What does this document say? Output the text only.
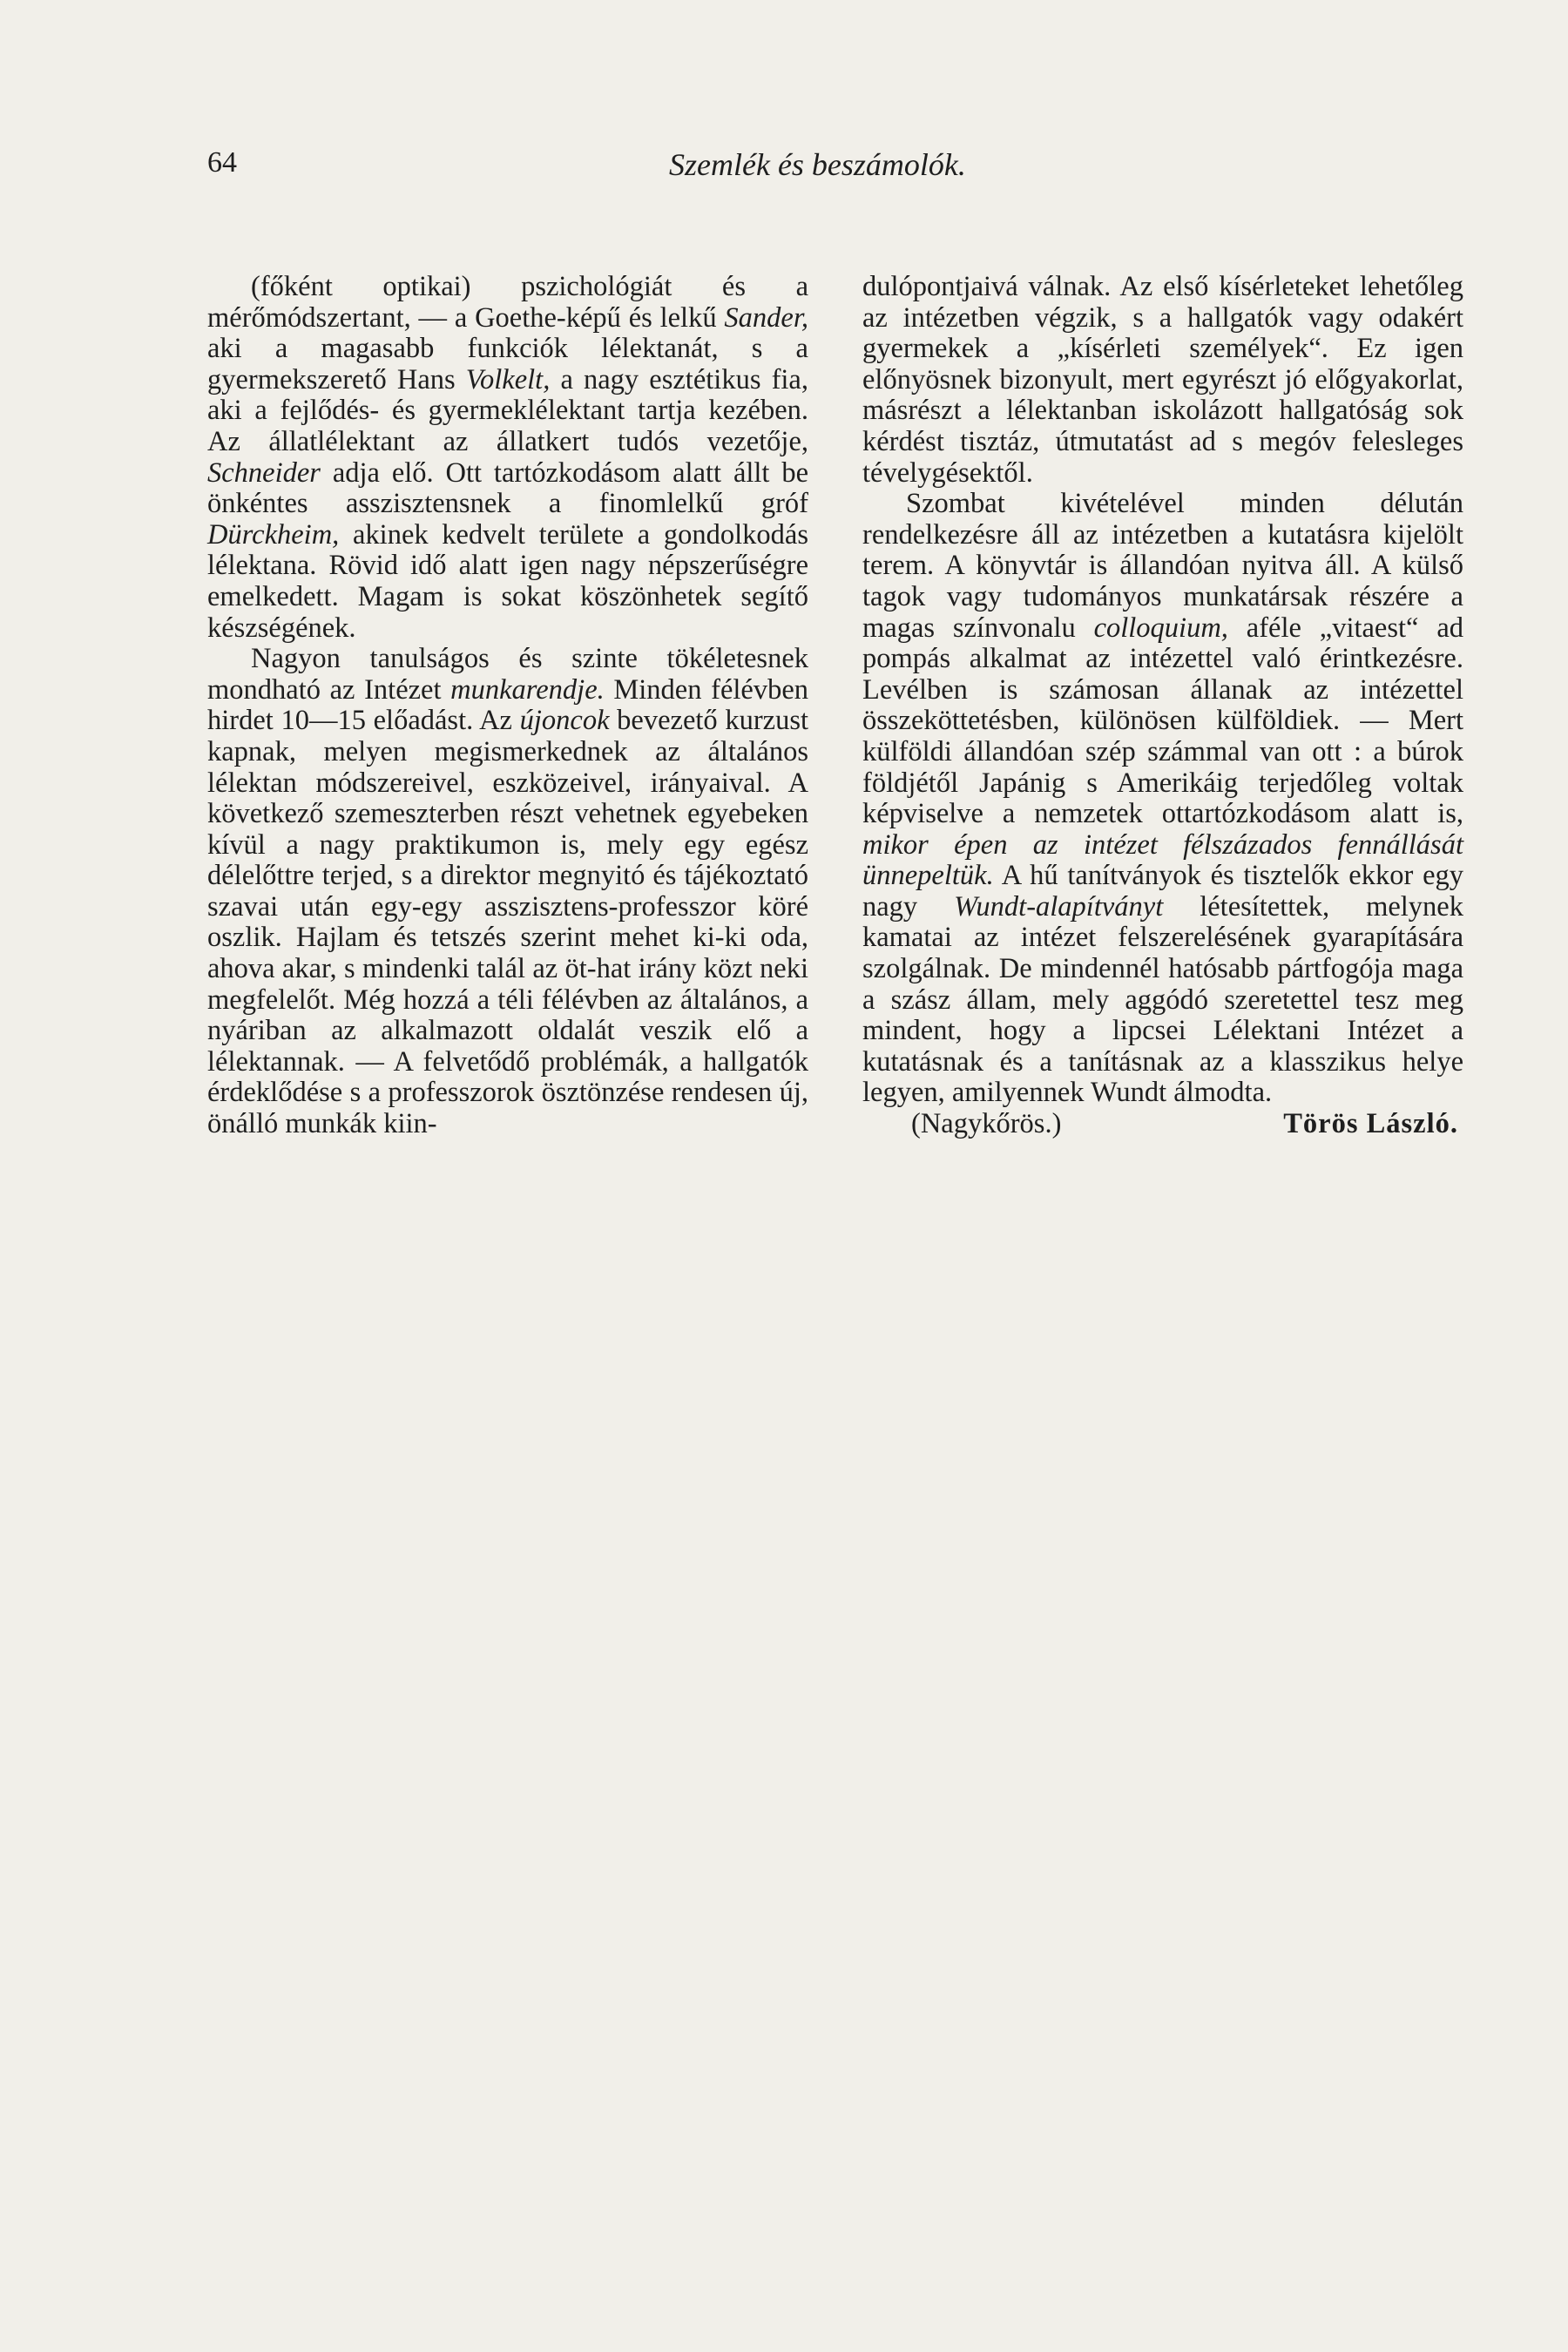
64	Szemlék és beszámolók.

(főként optikai) pszichológiát és a mérőmódszertant, — a Goethe-képű és lelkű Sander, aki a magasabb funkciók lélektanát, s a gyermekszerető Hans Volkelt, a nagy esztétikus fia, aki a fejlődés- és gyermeklélektant tartja kezében. Az állatlélektant az állatkert tudós vezetője, Schneider adja elő. Ott tartózkodásom alatt állt be önkéntes asszisztensnek a finomlelkű gróf Dürckheim, akinek kedvelt területe a gondolkodás lélektana. Rövid idő alatt igen nagy népszerűségre emelkedett. Magam is sokat köszönhetek segítő készségének.

Nagyon tanulságos és szinte tökéletesnek mondható az Intézet munkarendje. Minden félévben hirdet 10—15 előadást. Az újoncok bevezető kurzust kapnak, melyen megismerkednek az általános lélektan módszereivel, eszközeivel, irányaival. A következő szemeszterben részt vehetnek egyebeken kívül a nagy praktikumon is, mely egy egész délelőttre terjed, s a direktor megnyitó és tájékoztató szavai után egy-egy asszisztens-professzor köré oszlik. Hajlam és tetszés szerint mehet ki-ki oda, ahova akar, s mindenki talál az öt-hat irány közt neki megfelelőt. Még hozzá a téli félévben az általános, a nyáriban az alkalmazott oldalát veszik elő a lélektannak. — A felvetődő problémák, a hallgatók érdeklődése s a professzorok ösztönzése rendesen új, önálló munkák kiin-

dulópontjaivá válnak. Az első kísérleteket lehetőleg az intézetben végzik, s a hallgatók vagy odakért gyermekek a „kísérleti személyek“. Ez igen előnyösnek bizonyult, mert egyrészt jó előgyakorlat, másrészt a lélektanban iskolázott hallgatóság sok kérdést tisztáz, útmutatást ad s megóv felesleges tévelygésektől.

Szombat kivételével minden délután rendelkezésre áll az intézetben a kutatásra kijelölt terem. A könyvtár is állandóan nyitva áll. A külső tagok vagy tudományos munkatársak részére a magas színvonalu colloquium, aféle „vitaest“ ad pompás alkalmat az intézettel való érintkezésre. Levélben is számosan állanak az intézettel összeköttetésben, különösen külföldiek. — Mert külföldi állandóan szép számmal van ott : a búrok földjétől Japánig s Amerikáig terjedőleg voltak képviselve a nemzetek ottartózkodásom alatt is, mikor épen az intézet félszázados fennállását ünnepeltük. A hű tanítványok és tisztelők ekkor egy nagy Wundt-alapítványt létesítettek, melynek kamatai az intézet felszerelésének gyarapítására szolgálnak. De mindennél hatósabb pártfogója maga a szász állam, mely aggódó szeretettel tesz meg mindent, hogy a lipcsei Lélektani Intézet a kutatásnak és a tanításnak az a klasszikus helye legyen, amilyennek Wundt álmodta.

(Nagykőrös.)	Törös László.
